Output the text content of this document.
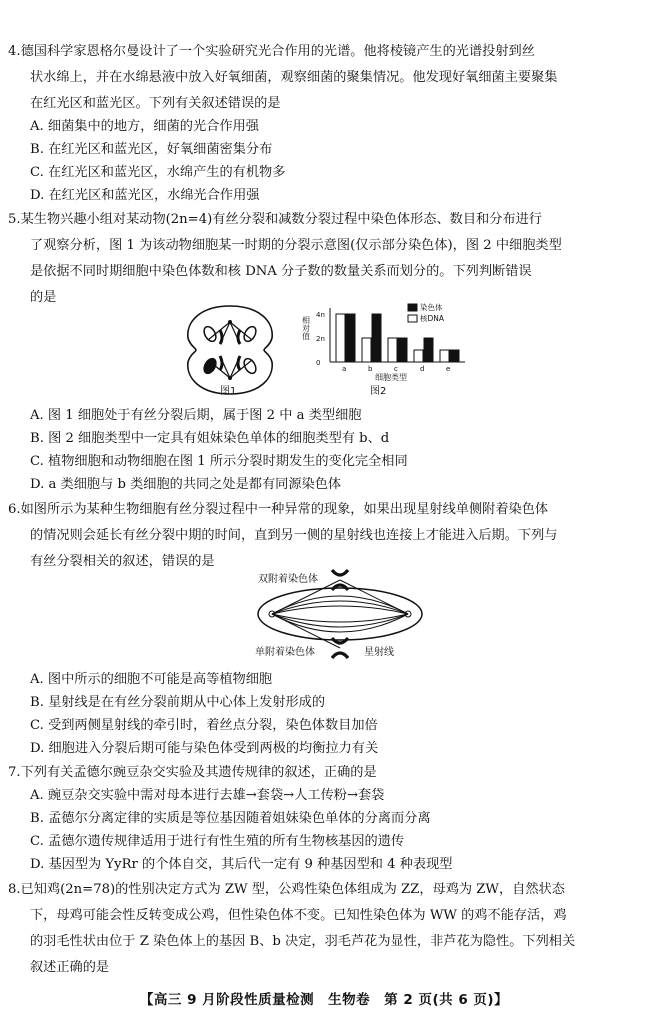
4.德国科学家恩格尔曼设计了一个实验研究光合作用的光谱。他将棱镜产生的光谱投射到丝
状水绵上，并在水绵悬液中放入好氧细菌，观察细菌的聚集情况。他发现好氧细菌主要聚集
在红光区和蓝光区。下列有关叙述错误的是
A. 细菌集中的地方，细菌的光合作用强
B. 在红光区和蓝光区，好氧细菌密集分布
C. 在红光区和蓝光区，水绵产生的有机物多
D. 在红光区和蓝光区，水绵光合作用强
5.某生物兴趣小组对某动物(2n=4)有丝分裂和减数分裂过程中染色体形态、数目和分布进行
了观察分析，图 1 为该动物细胞某一时期的分裂示意图(仅示部分染色体)，图 2 中细胞类型
是依据不同时期细胞中染色体数和核 DNA 分子数的数量关系而划分的。下列判断错误
的是
图1
相对值
4n
2n
0
a	b	c	d	e
染色体
核DNA
细胞类型
图2
A. 图 1 细胞处于有丝分裂后期，属于图 2 中 a 类型细胞
B. 图 2 细胞类型中一定具有姐妹染色单体的细胞类型有 b、d
C. 植物细胞和动物细胞在图 1 所示分裂时期发生的变化完全相同
D. a 类细胞与 b 类细胞的共同之处是都有同源染色体
6.如图所示为某种生物细胞有丝分裂过程中一种异常的现象，如果出现星射线单侧附着染色体
的情况则会延长有丝分裂中期的时间，直到另一侧的星射线也连接上才能进入后期。下列与
有丝分裂相关的叙述，错误的是
双附着染色体
单附着染色体	星射线
A. 图中所示的细胞不可能是高等植物细胞
B. 星射线是在有丝分裂前期从中心体上发射形成的
C. 受到两侧星射线的牵引时，着丝点分裂，染色体数目加倍
D. 细胞进入分裂后期可能与染色体受到两极的均衡拉力有关
7.下列有关孟德尔豌豆杂交实验及其遗传规律的叙述，正确的是
A. 豌豆杂交实验中需对母本进行去雄→套袋→人工传粉→套袋
B. 孟德尔分离定律的实质是等位基因随着姐妹染色单体的分离而分离
C. 孟德尔遗传规律适用于进行有性生殖的所有生物核基因的遗传
D. 基因型为 YyRr 的个体自交，其后代一定有 9 种基因型和 4 种表现型
8.已知鸡(2n=78)的性别决定方式为 ZW 型，公鸡性染色体组成为 ZZ，母鸡为 ZW，自然状态
下，母鸡可能会性反转变成公鸡，但性染色体不变。已知性染色体为 WW 的鸡不能存活，鸡
的羽毛性状由位于 Z 染色体上的基因 B、b 决定，羽毛芦花为显性，非芦花为隐性。下列相关
叙述正确的是
【高三 9 月阶段性质量检测　生物卷　第 2 页(共 6 页)】
